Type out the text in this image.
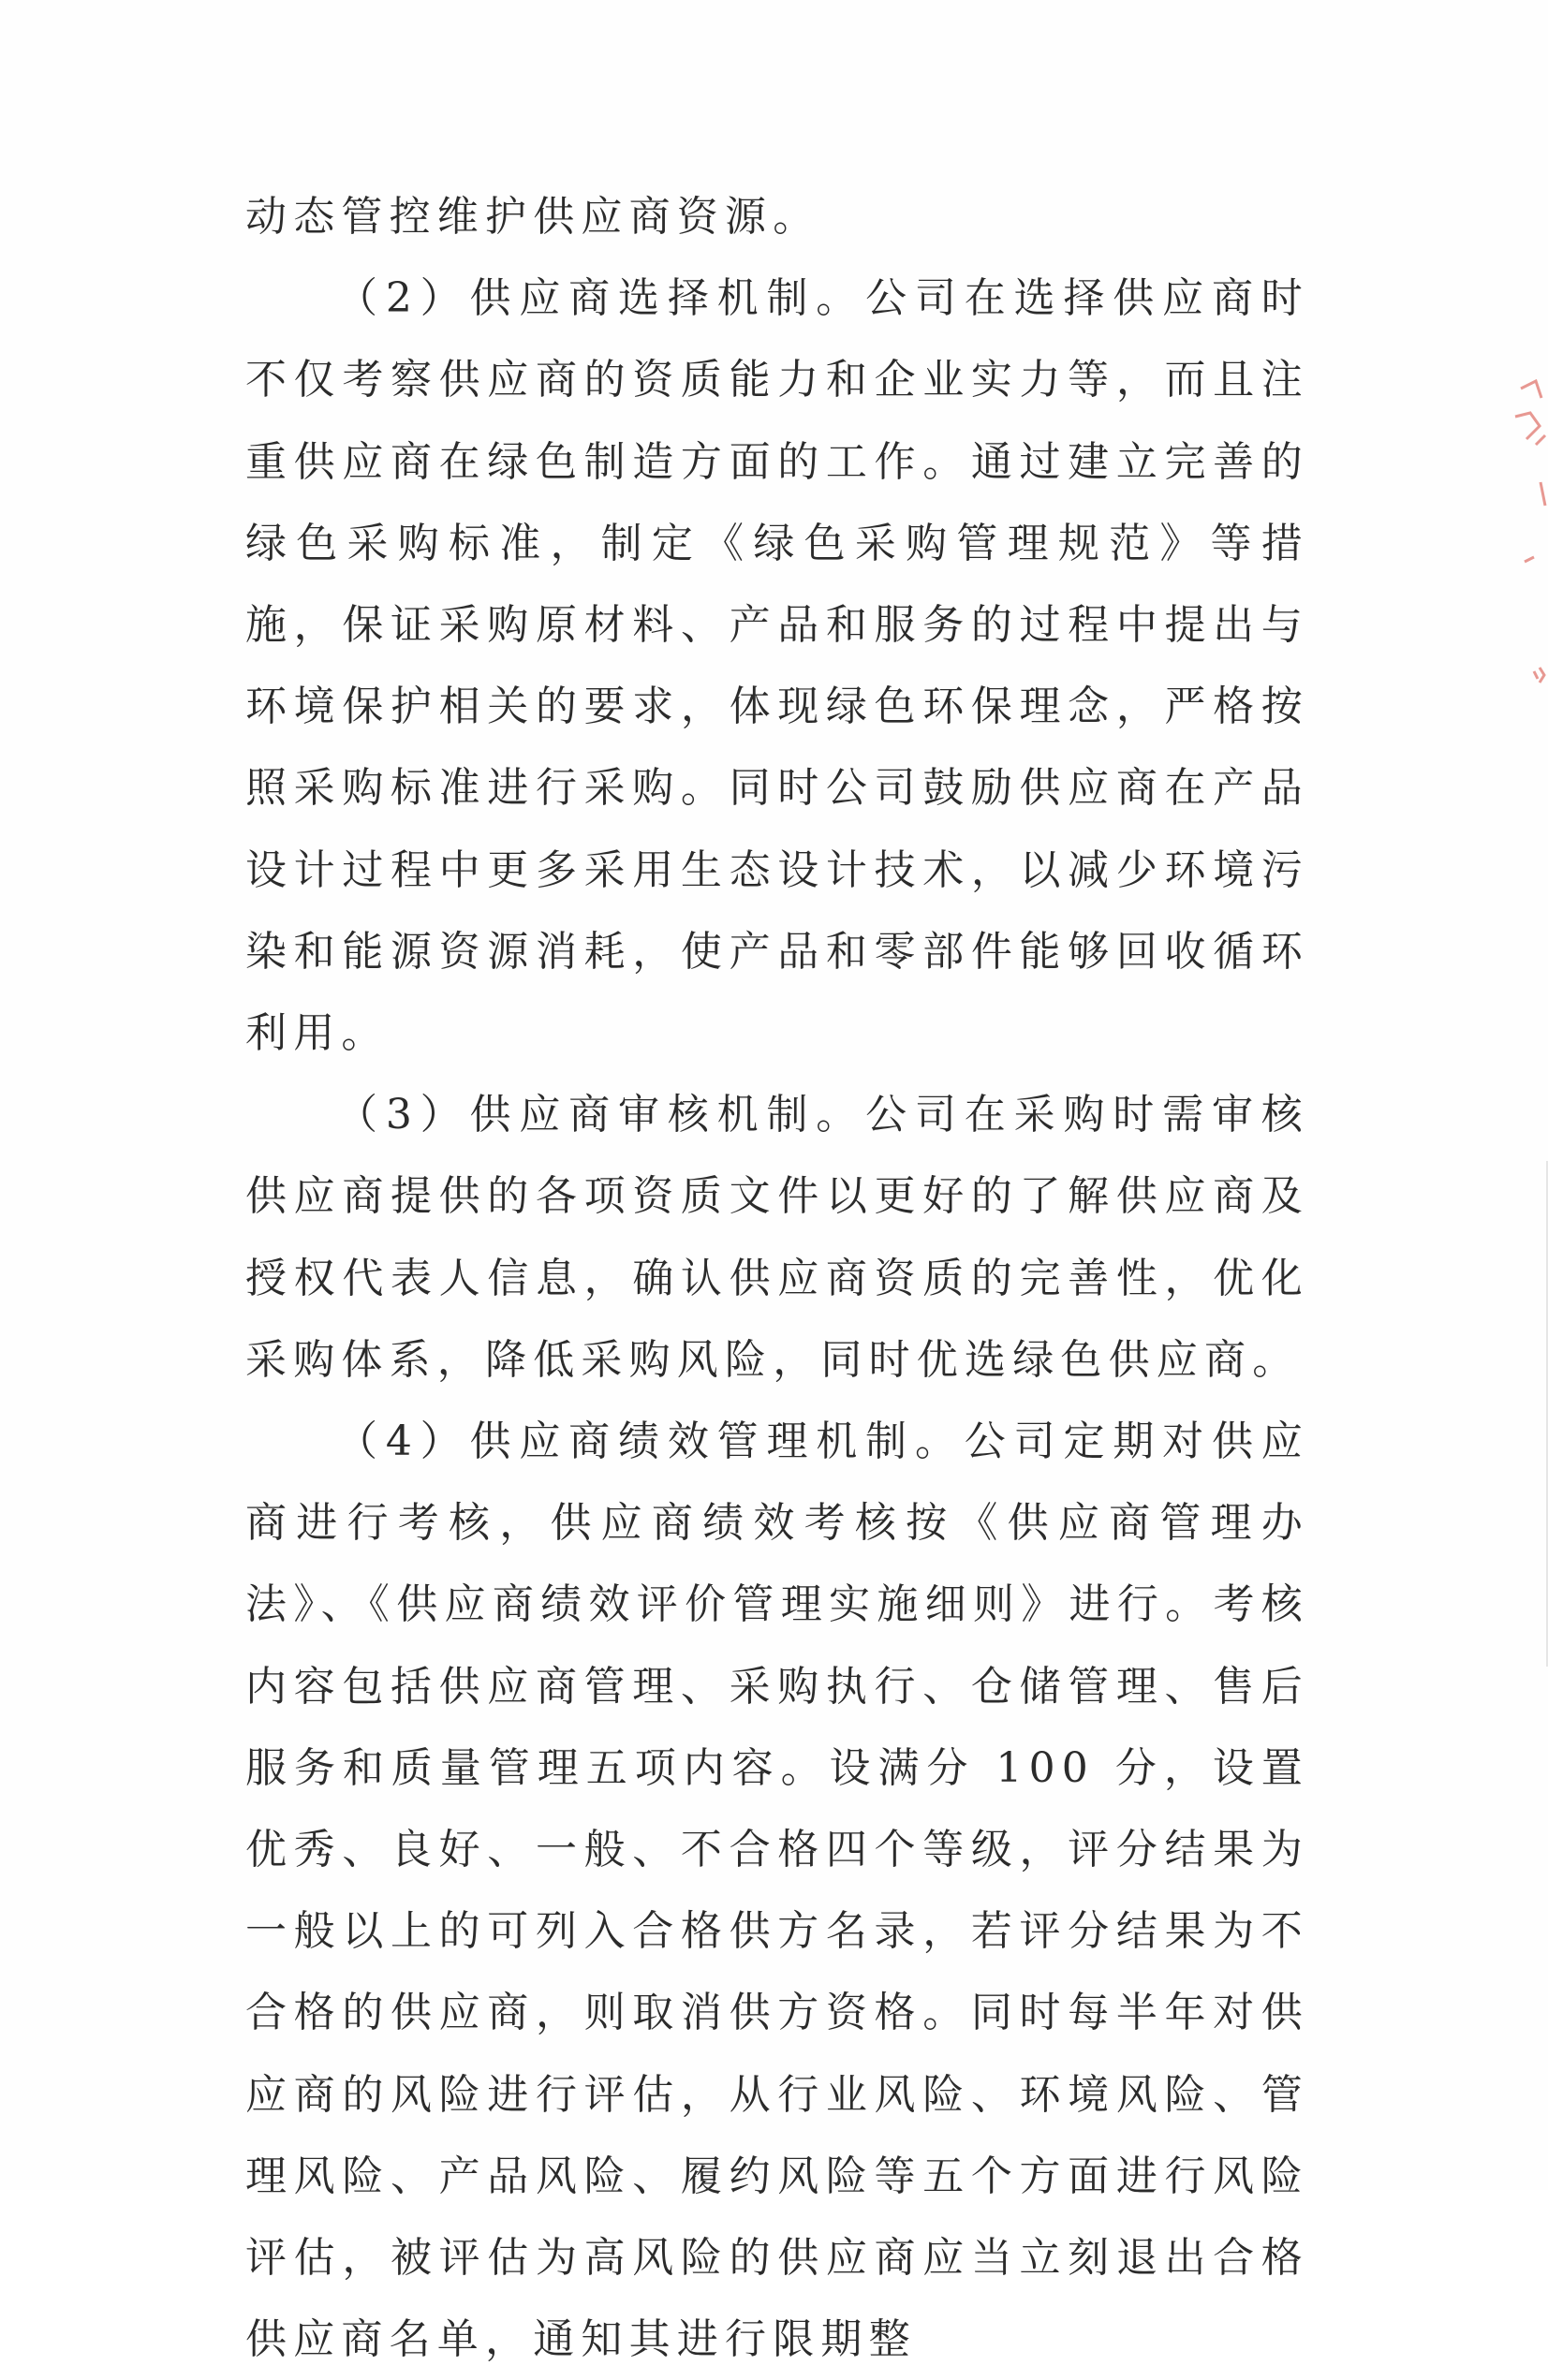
动态管控维护供应商资源。

（2）供应商选择机制。公司在选择供应商时不仅考察供应商的资质能力和企业实力等，而且注重供应商在绿色制造方面的工作。通过建立完善的绿色采购标准，制定《绿色采购管理规范》等措施，保证采购原材料、产品和服务的过程中提出与环境保护相关的要求，体现绿色环保理念，严格按照采购标准进行采购。同时公司鼓励供应商在产品设计过程中更多采用生态设计技术，以减少环境污染和能源资源消耗，使产品和零部件能够回收循环利用。

（3）供应商审核机制。公司在采购时需审核供应商提供的各项资质文件以更好的了解供应商及授权代表人信息，确认供应商资质的完善性，优化采购体系，降低采购风险，同时优选绿色供应商。

（4）供应商绩效管理机制。公司定期对供应商进行考核，供应商绩效考核按《供应商管理办法》、《供应商绩效评价管理实施细则》进行。考核内容包括供应商管理、采购执行、仓储管理、售后服务和质量管理五项内容。设满分 100 分，设置优秀、良好、一般、不合格四个等级，评分结果为一般以上的可列入合格供方名录，若评分结果为不合格的供应商，则取消供方资格。同时每半年对供应商的风险进行评估，从行业风险、环境风险、管理风险、产品风险、履约风险等五个方面进行风险评估，被评估为高风险的供应商应当立刻退出合格供应商名单，通知其进行限期整
